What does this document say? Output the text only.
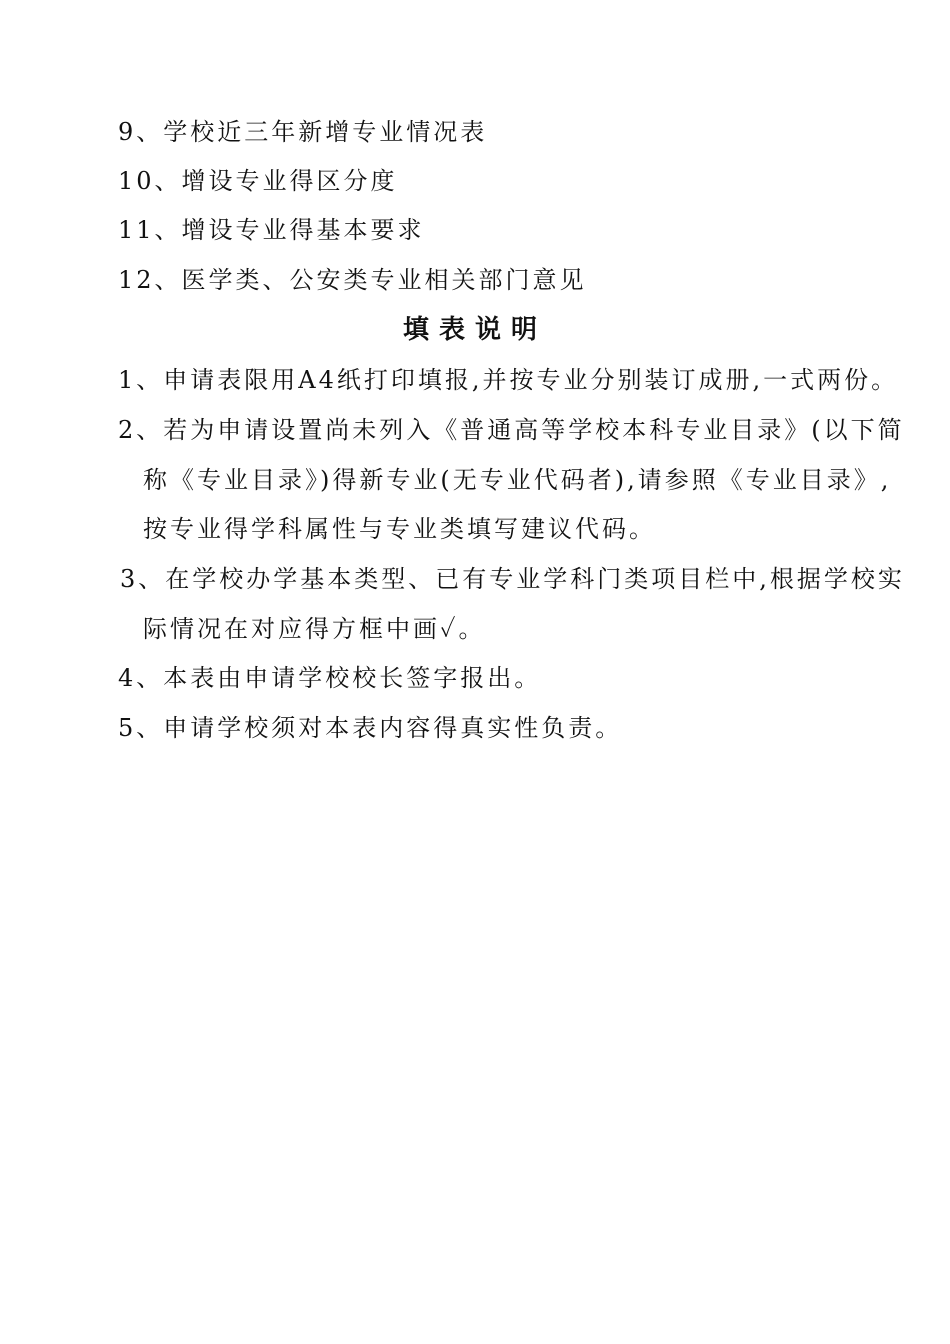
9、学校近三年新增专业情况表
10、增设专业得区分度
11、增设专业得基本要求
12、医学类、公安类专业相关部门意见
填表说明
1、申请表限用A4纸打印填报,并按专业分别装订成册,一式两份。
2、若为申请设置尚未列入《普通高等学校本科专业目录》(以下简
称《专业目录》)得新专业(无专业代码者),请参照《专业目录》,
按专业得学科属性与专业类填写建议代码。
3、在学校办学基本类型、已有专业学科门类项目栏中,根据学校实
际情况在对应得方框中画✓。
4、本表由申请学校校长签字报出。
5、申请学校须对本表内容得真实性负责。
